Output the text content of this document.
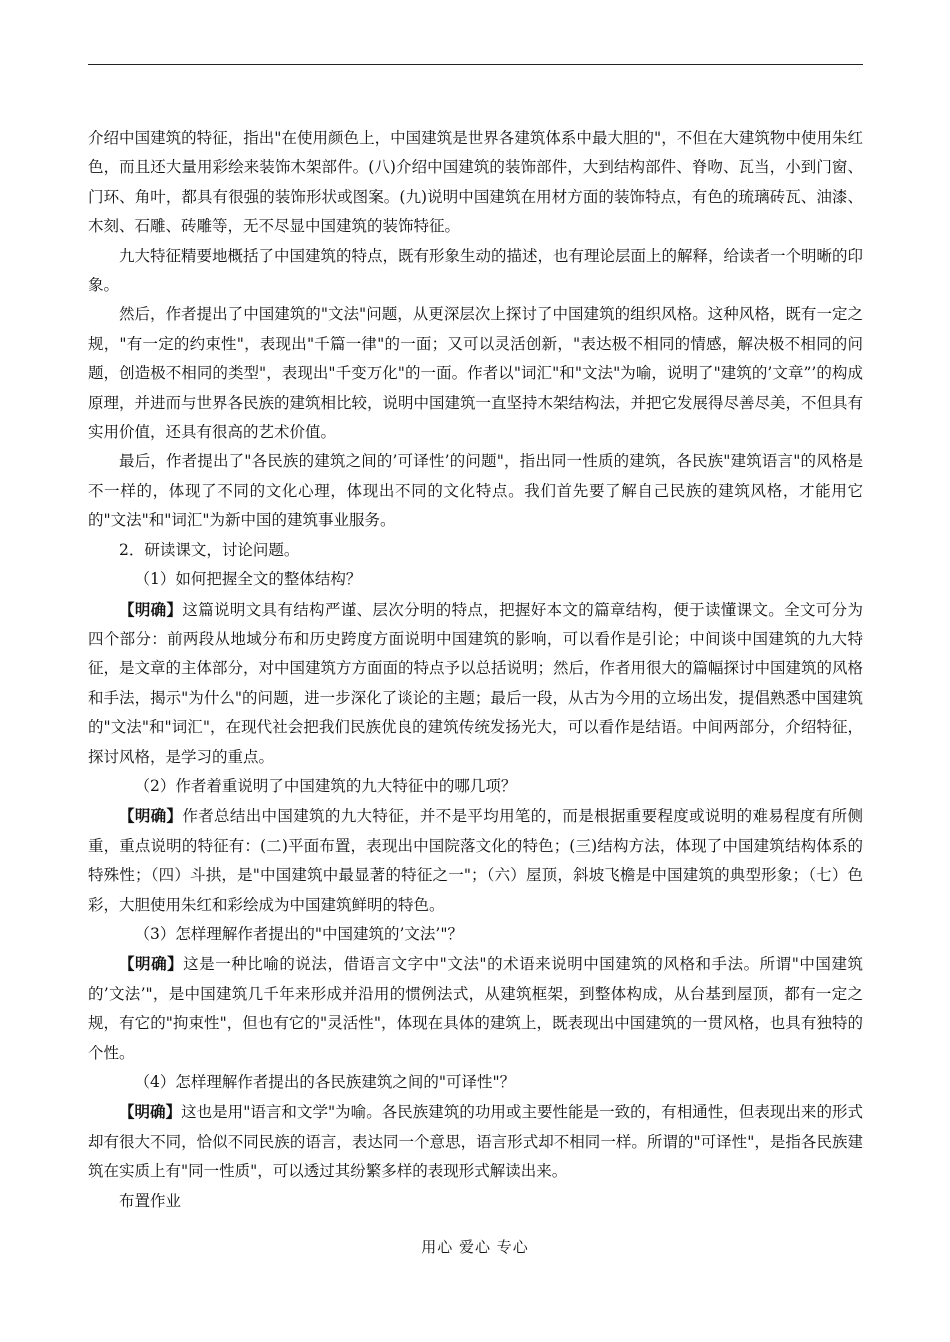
介绍中国建筑的特征，指出"在使用颜色上，中国建筑是世界各建筑体系中最大胆的"，不但在大建筑物中使用朱红色，而且还大量用彩绘来装饰木架部件。(八)介绍中国建筑的装饰部件，大到结构部件、脊吻、瓦当，小到门窗、门环、角叶，都具有很强的装饰形状或图案。(九)说明中国建筑在用材方面的装饰特点，有色的琉璃砖瓦、油漆、木刻、石雕、砖雕等，无不尽显中国建筑的装饰特征。

九大特征精要地概括了中国建筑的特点，既有形象生动的描述，也有理论层面上的解释，给读者一个明晰的印象。

然后，作者提出了中国建筑的"文法"问题，从更深层次上探讨了中国建筑的组织风格。这种风格，既有一定之规，"有一定的约束性"，表现出"千篇一律"的一面；又可以灵活创新，"表达极不相同的情感，解决极不相同的问题，创造极不相同的类型"，表现出"千变万化"的一面。作者以"词汇"和"文法"为喻，说明了"建筑的’文章”’的构成原理，并进而与世界各民族的建筑相比较，说明中国建筑一直坚持木架结构法，并把它发展得尽善尽美，不但具有实用价值，还具有很高的艺术价值。

最后，作者提出了"各民族的建筑之间的’可译性’的问题"，指出同一性质的建筑，各民族"建筑语言"的风格是不一样的，体现了不同的文化心理，体现出不同的文化特点。我们首先要了解自己民族的建筑风格，才能用它的"文法"和"词汇"为新中国的建筑事业服务。

2．研读课文，讨论问题。

（1）如何把握全文的整体结构？

【明确】这篇说明文具有结构严谨、层次分明的特点，把握好本文的篇章结构，便于读懂课文。全文可分为四个部分：前两段从地域分布和历史跨度方面说明中国建筑的影响，可以看作是引论；中间谈中国建筑的九大特征，是文章的主体部分，对中国建筑方方面面的特点予以总括说明；然后，作者用很大的篇幅探讨中国建筑的风格和手法，揭示"为什么"的问题，进一步深化了谈论的主题；最后一段，从古为今用的立场出发，提倡熟悉中国建筑的"文法"和"词汇"，在现代社会把我们民族优良的建筑传统发扬光大，可以看作是结语。中间两部分，介绍特征，探讨风格，是学习的重点。

（2）作者着重说明了中国建筑的九大特征中的哪几项？

【明确】作者总结出中国建筑的九大特征，并不是平均用笔的，而是根据重要程度或说明的难易程度有所侧重，重点说明的特征有：(二)平面布置，表现出中国院落文化的特色；(三)结构方法，体现了中国建筑结构体系的特殊性；（四）斗拱，是"中国建筑中最显著的特征之一"；（六）屋顶，斜坡飞檐是中国建筑的典型形象；（七）色彩，大胆使用朱红和彩绘成为中国建筑鲜明的特色。

（3）怎样理解作者提出的"中国建筑的’文法’"？

【明确】这是一种比喻的说法，借语言文字中"文法"的术语来说明中国建筑的风格和手法。所谓"中国建筑的’文法’"，是中国建筑几千年来形成并沿用的惯例法式，从建筑框架，到整体构成，从台基到屋顶，都有一定之规，有它的"拘束性"，但也有它的"灵活性"，体现在具体的建筑上，既表现出中国建筑的一贯风格，也具有独特的个性。

（4）怎样理解作者提出的各民族建筑之间的"可译性"？

【明确】这也是用"语言和文学"为喻。各民族建筑的功用或主要性能是一致的，有相通性，但表现出来的形式却有很大不同，恰似不同民族的语言，表达同一个意思，语言形式却不相同一样。所谓的"可译性"，是指各民族建筑在实质上有"同一性质"，可以透过其纷繁多样的表现形式解读出来。

布置作业

用心 爱心 专心
